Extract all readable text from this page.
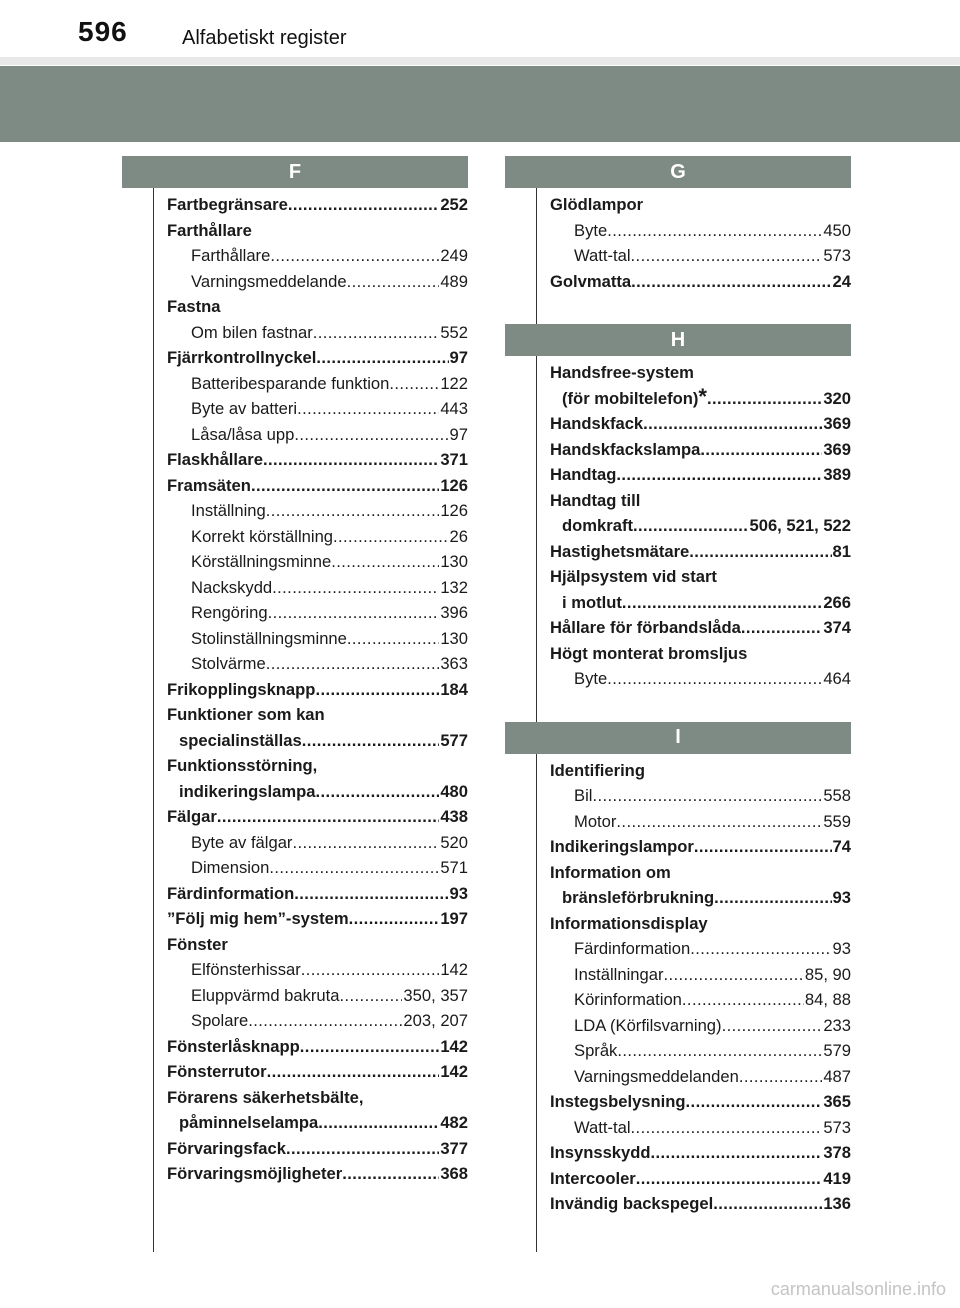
596	Alfabetiskt register
F
Fartbegränsare .....	252
Farthållare
Farthållare .....	249
Varningsmeddelande .....	489
Fastna
Om bilen fastnar .....	552
Fjärrkontrollnyckel .....	97
Batteribesparande funktion .....	122
Byte av batteri .....	443
Låsa/låsa upp .....	97
Flaskhållare .....	371
Framsäten .....	126
Inställning .....	126
Korrekt körställning .....	26
Körställningsminne .....	130
Nackskydd .....	132
Rengöring .....	396
Stolinställningsminne .....	130
Stolvärme .....	363
Frikopplingsknapp .....	184
Funktioner som kan
specialinställas .....	577
Funktionsstörning,
indikeringslampa .....	480
Fälgar .....	438
Byte av fälgar .....	520
Dimension .....	571
Färdinformation .....	93
”Följ mig hem”-system .....	197
Fönster
Elfönsterhissar .....	142
Eluppvärmd bakruta .....	350, 357
Spolare .....	203, 207
Fönsterlåsknapp .....	142
Fönsterrutor .....	142
Förarens säkerhetsbälte,
påminnelselampa .....	482
Förvaringsfack .....	377
Förvaringsmöjligheter .....	368
G
Glödlampor
Byte .....	450
Watt-tal .....	573
Golvmatta .....	24
H
Handsfree-system
(för mobiltelefon) * .....	320
Handskfack .....	369
Handskfackslampa .....	369
Handtag .....	389
Handtag till
domkraft .....	506, 521, 522
Hastighetsmätare .....	81
Hjälpsystem vid start
i motlut .....	266
Hållare för förbandslåda .....	374
Högt monterat bromsljus
Byte .....	464
I
Identifiering
Bil .....	558
Motor .....	559
Indikeringslampor .....	74
Information om
bränsleförbrukning .....	93
Informationsdisplay
Färdinformation .....	93
Inställningar .....	85, 90
Körinformation .....	84, 88
LDA (Körfilsvarning) .....	233
Språk .....	579
Varningsmeddelanden .....	487
Instegsbelysning .....	365
Watt-tal .....	573
Insynsskydd .....	378
Intercooler .....	419
Invändig backspegel .....	136
carmanualsonline.info
